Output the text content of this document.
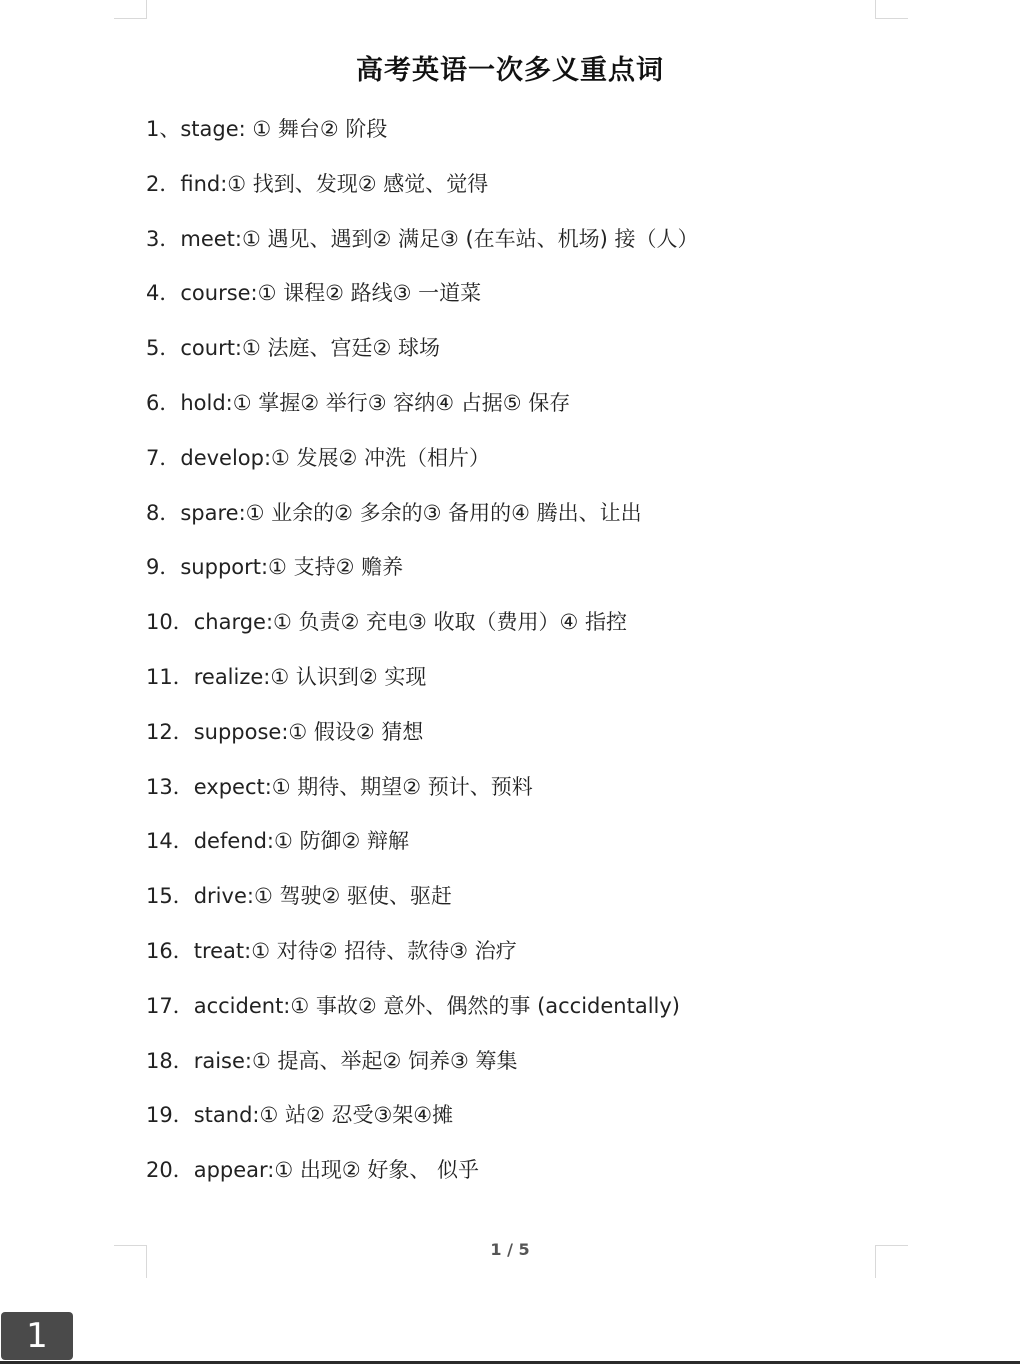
高考英语一次多义重点词
1、stage: ① 舞台② 阶段
2．find:① 找到、发现② 感觉、觉得
3．meet:① 遇见、遇到② 满足③ (在车站、机场) 接（人）
4．course:① 课程② 路线③ 一道菜
5．court:① 法庭、宫廷② 球场
6．hold:① 掌握② 举行③ 容纳④ 占据⑤ 保存
7．develop:① 发展② 冲洗（相片）
8．spare:① 业余的② 多余的③ 备用的④ 腾出、让出
9．support:① 支持② 赡养
10．charge:① 负责② 充电③ 收取（费用）④ 指控
11．realize:① 认识到② 实现
12．suppose:① 假设② 猜想
13．expect:① 期待、期望② 预计、预料
14．defend:① 防御② 辩解
15．drive:① 驾驶② 驱使、驱赶
16．treat:① 对待② 招待、款待③ 治疗
17．accident:① 事故② 意外、偶然的事 (accidentally)
18．raise:① 提高、举起② 饲养③ 筹集
19．stand:① 站② 忍受③架④摊
20．appear:① 出现② 好象、 似乎
1 / 5
1
